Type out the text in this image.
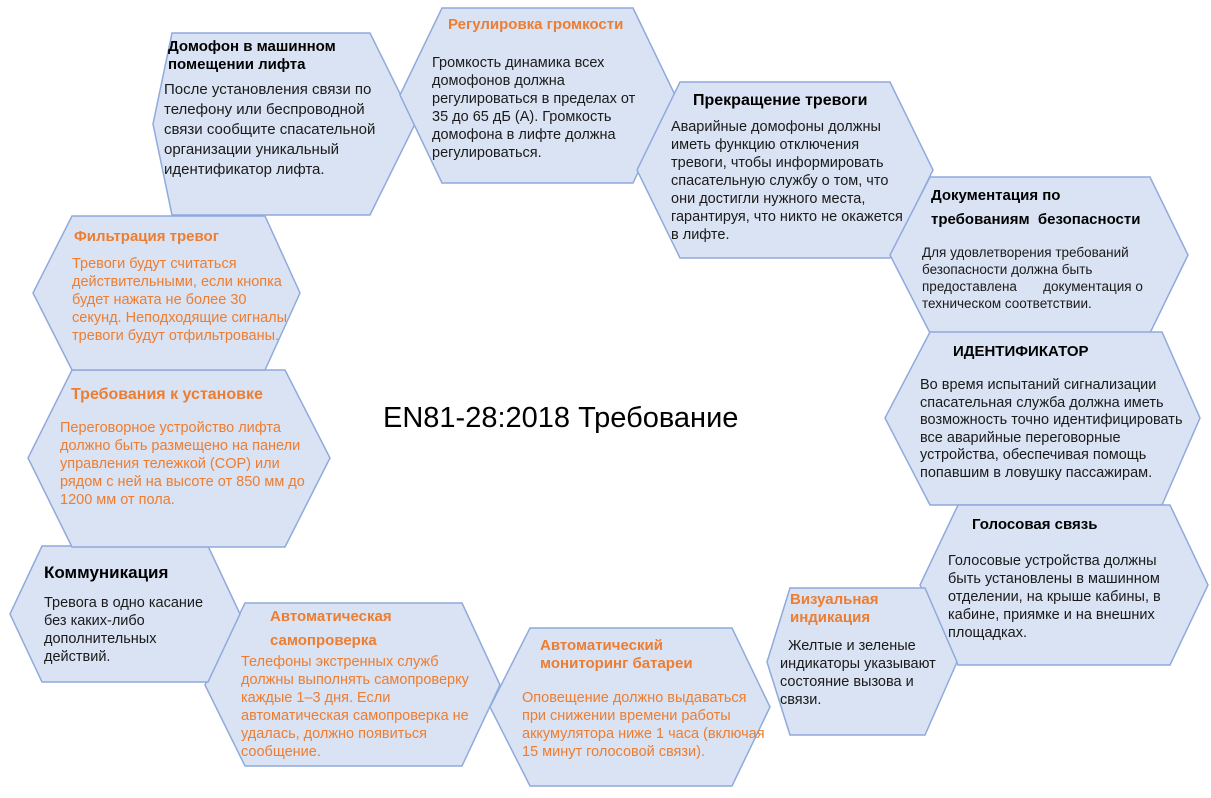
EN81-28:2018 Требование
Домофон в машинном помещении лифта
После установления связи по телефону или беспроводной связи сообщите спасательной организации уникальный идентификатор лифта.
Регулировка громкости
Громкость динамика всех домофонов должна регулироваться в пределах от 35 до 65 дБ (А). Громкость домофона в лифте должна регулироваться.
Прекращение тревоги
Аварийные домофоны должны иметь функцию отключения тревоги, чтобы информировать спасательную службу о том, что они достигли нужного места, гарантируя, что никто не окажется в лифте.
Документация по требованиям  безопасности
Для удовлетворения требований безопасности должна быть предоставлена       документация о техническом соответствии.
ИДЕНТИФИКАТОР
Во время испытаний сигнализации спасательная служба должна иметь возможность точно идентифицировать все аварийные переговорные устройства, обеспечивая помощь попавшим в ловушку пассажирам.
Голосовая связь
Голосовые устройства должны быть установлены в машинном отделении, на крыше кабины, в кабине, приямке и на внешних площадках.
Визуальная индикация
Желтые и зеленые индикаторы указывают состояние вызова и связи.
Автоматический мониторинг батареи
Оповещение должно выдаваться при снижении времени работы аккумулятора ниже 1 часа (включая 15 минут голосовой связи).
Автоматическая самопроверка
Телефоны экстренных служб должны выполнять самопроверку каждые 1–3 дня. Если автоматическая самопроверка не удалась, должно появиться сообщение.
Коммуникация
Тревога в одно касание без каких-либо дополнительных действий.
Требования к установке
Переговорное устройство лифта должно быть размещено на панели управления тележкой (COP) или рядом с ней на высоте от 850 мм до 1200 мм от пола.
Фильтрация тревог
Тревоги будут считаться действительными, если кнопка будет нажата не более 30 секунд. Неподходящие сигналы тревоги будут отфильтрованы.
